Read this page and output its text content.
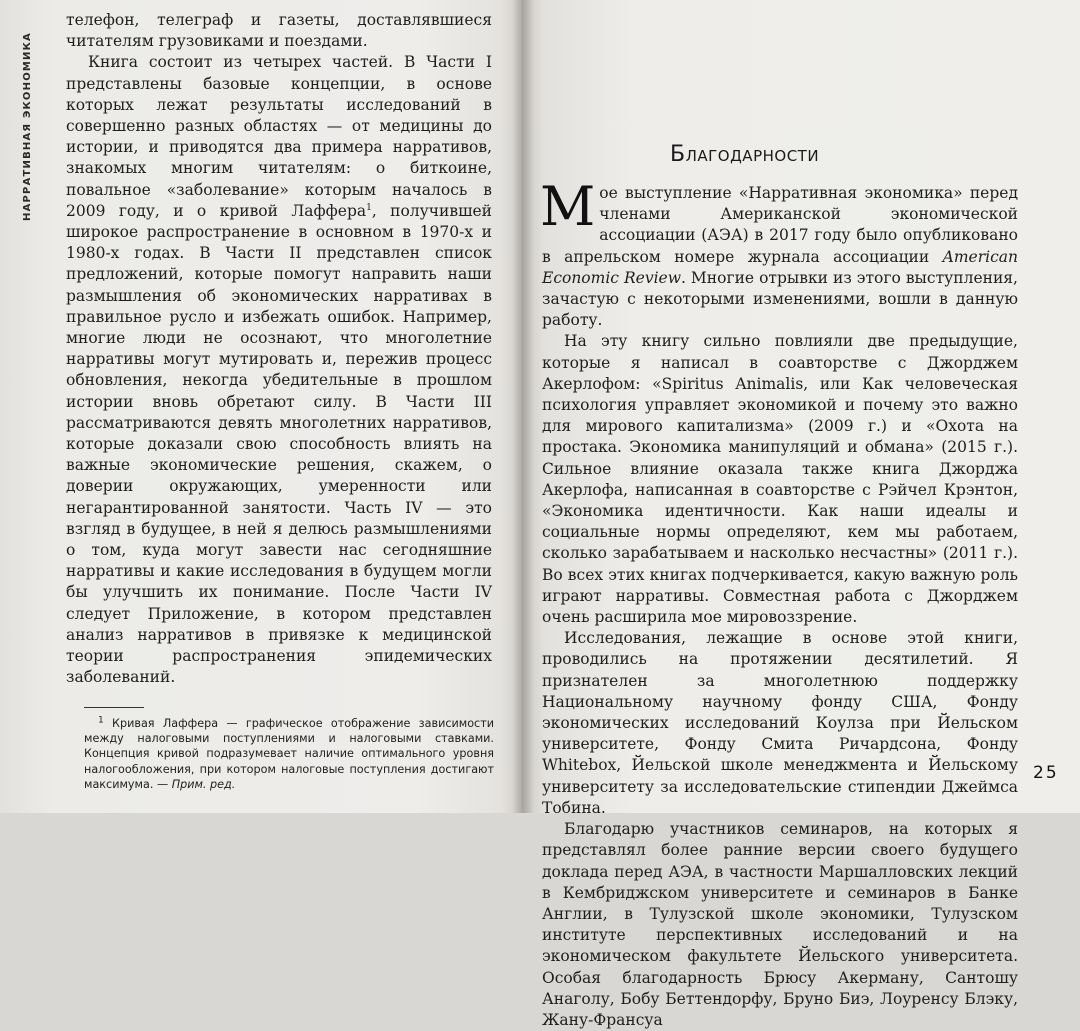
НАРРАТИВНАЯ ЭКОНОМИКА

телефон, телеграф и газеты, доставлявшиеся читателям грузовиками и поездами.

Книга состоит из четырех частей. В Части I представлены базовые концепции, в основе которых лежат результаты исследований в совершенно разных областях — от медицины до истории, и приводятся два примера нарративов, знакомых многим читателям: о биткоине, повальное «заболевание» которым началось в 2009 году, и о кривой Лаффера$^1$, получившей широкое распространение в основном в 1970-х и 1980-х годах. В Части II представлен список предложений, которые помогут направить наши размышления об экономических нарративах в правильное русло и избежать ошибок. Например, многие люди не осознают, что многолетние нарративы могут мутировать и, пережив процесс обновления, некогда убедительные в прошлом истории вновь обретают силу. В Части III рассматриваются девять многолетних нарративов, которые доказали свою способность влиять на важные экономические решения, скажем, о доверии окружающих, умеренности или негарантированной занятости. Часть IV — это взгляд в будущее, в ней я делюсь размышлениями о том, куда могут завести нас сегодняшние нарративы и какие исследования в будущем могли бы улучшить их понимание. После Части IV следует Приложение, в котором представлен анализ нарративов в привязке к медицинской теории распространения эпидемических заболеваний.

$^1$ Кривая Лаффера — графическое отображение зависимости между налоговыми поступлениями и налоговыми ставками. Концепция кривой подразумевает наличие оптимального уровня налогообложения, при котором налоговые поступления достигают максимума. — Прим. ред.

Благодарности

Мое выступление «Нарративная экономика» перед членами Американской экономической ассоциации (АЭА) в 2017 году было опубликовано в апрельском номере журнала ассоциации American Economic Review. Многие отрывки из этого выступления, зачастую с некоторыми изменениями, вошли в данную работу.

На эту книгу сильно повлияли две предыдущие, которые я написал в соавторстве с Джорджем Акерлофом: «Spiritus Animalis, или Как человеческая психология управляет экономикой и почему это важно для мирового капитализма» (2009 г.) и «Охота на простака. Экономика манипуляций и обмана» (2015 г.). Сильное влияние оказала также книга Джорджа Акерлофа, написанная в соавторстве с Рэйчел Крэнтон, «Экономика идентичности. Как наши идеалы и социальные нормы определяют, кем мы работаем, сколько зарабатываем и насколько несчастны» (2011 г.). Во всех этих книгах подчеркивается, какую важную роль играют нарративы. Совместная работа с Джорджем очень расширила мое мировоззрение.

Исследования, лежащие в основе этой книги, проводились на протяжении десятилетий. Я признателен за многолетнюю поддержку Национальному научному фонду США, Фонду экономических исследований Коулза при Йельском университете, Фонду Смита Ричардсона, Фонду Whitebox, Йельской школе менеджмента и Йельскому университету за исследовательские стипендии Джеймса Тобина.

Благодарю участников семинаров, на которых я представлял более ранние версии своего будущего доклада перед АЭА, в частности Маршалловских лекций в Кембриджском университете и семинаров в Банке Англии, в Тулузской школе экономики, Тулузском институте перспективных исследований и на экономическом факультете Йельского университета. Особая благодарность Брюсу Акерману, Сантошу Анаголу, Бобу Беттендорфу, Бруно Биэ, Лоуренсу Блэку, Жану-Франсуа

25
